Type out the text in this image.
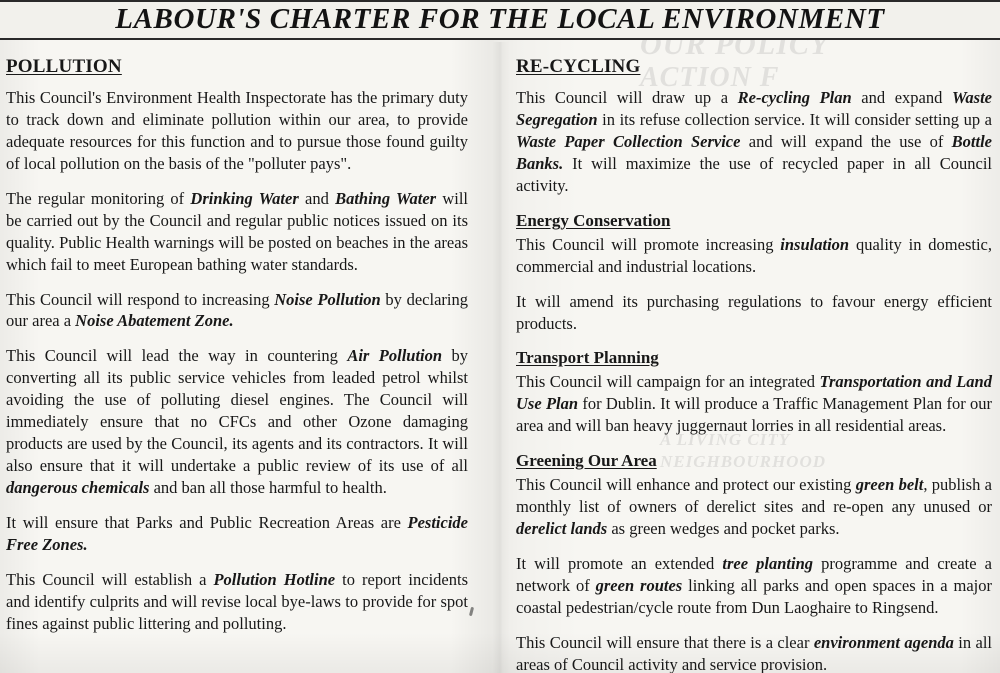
OUR POLICY
ACTION F
A LIVING CITY
NEIGHBOURHOOD
LABOUR'S CHARTER FOR THE LOCAL ENVIRONMENT
POLLUTION

This Council's Environment Health Inspectorate has the primary duty to track down and eliminate pollution within our area, to provide adequate resources for this function and to pursue those found guilty of local pollution on the basis of the "polluter pays".

The regular monitoring of Drinking Water and Bathing Water will be carried out by the Council and regular public notices issued on its quality. Public Health warnings will be posted on beaches in the areas which fail to meet European bathing water standards.

This Council will respond to increasing Noise Pollution by declaring our area a Noise Abatement Zone.

This Council will lead the way in countering Air Pollution by converting all its public service vehicles from leaded petrol whilst avoiding the use of polluting diesel engines. The Council will immediately ensure that no CFCs and other Ozone damaging products are used by the Council, its agents and its contractors. It will also ensure that it will undertake a public review of its use of all dangerous chemicals and ban all those harmful to health.

It will ensure that Parks and Public Recreation Areas are Pesticide Free Zones.

This Council will establish a Pollution Hotline to report incidents and identify culprits and will revise local bye-laws to provide for spot fines against public littering and polluting.

RE-CYCLING

This Council will draw up a Re-cycling Plan and expand Waste Segregation in its refuse collection service. It will consider setting up a Waste Paper Collection Service and will expand the use of Bottle Banks. It will maximize the use of recycled paper in all Council activity.

Energy Conservation

This Council will promote increasing insulation quality in domestic, commercial and industrial locations.

It will amend its purchasing regulations to favour energy efficient products.

Transport Planning

This Council will campaign for an integrated Transportation and Land Use Plan for Dublin. It will produce a Traffic Management Plan for our area and will ban heavy juggernaut lorries in all residential areas.

Greening Our Area

This Council will enhance and protect our existing green belt, publish a monthly list of owners of derelict sites and re-open any unused or derelict lands as green wedges and pocket parks.

It will promote an extended tree planting programme and create a network of green routes linking all parks and open spaces in a major coastal pedestrian/cycle route from Dun Laoghaire to Ringsend.

This Council will ensure that there is a clear environment agenda in all areas of Council activity and service provision.
